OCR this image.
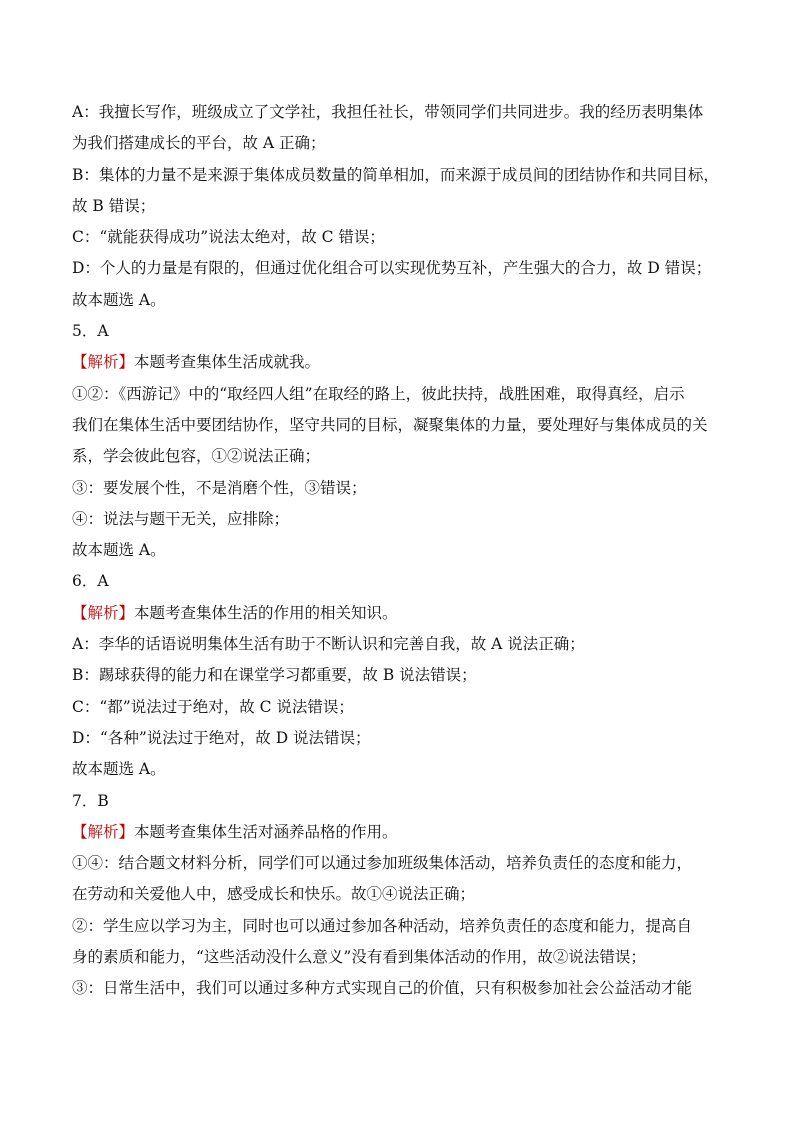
A：我擅长写作，班级成立了文学社，我担任社长，带领同学们共同进步。我的经历表明集体
为我们搭建成长的平台，故 A 正确；
B：集体的力量不是来源于集体成员数量的简单相加，而来源于成员间的团结协作和共同目标，
故 B 错误；
C：“就能获得成功”说法太绝对，故 C 错误；
D：个人的力量是有限的，但通过优化组合可以实现优势互补，产生强大的合力，故 D 错误；
故本题选 A。
5．A
【解析】本题考查集体生活成就我。
①②：《西游记》中的“取经四人组”在取经的路上，彼此扶持，战胜困难，取得真经，启示
我们在集体生活中要团结协作，坚守共同的目标，凝聚集体的力量，要处理好与集体成员的关
系，学会彼此包容，①②说法正确；
③：要发展个性，不是消磨个性，③错误；
④：说法与题干无关，应排除；
故本题选 A。
6．A
【解析】本题考查集体生活的作用的相关知识。
A：李华的话语说明集体生活有助于不断认识和完善自我，故 A 说法正确；
B：踢球获得的能力和在课堂学习都重要，故 B 说法错误；
C：“都”说法过于绝对，故 C 说法错误；
D：“各种”说法过于绝对，故 D 说法错误；
故本题选 A。
7．B
【解析】本题考查集体生活对涵养品格的作用。
①④：结合题文材料分析，同学们可以通过参加班级集体活动，培养负责任的态度和能力，
在劳动和关爱他人中，感受成长和快乐。故①④说法正确；
②：学生应以学习为主，同时也可以通过参加各种活动，培养负责任的态度和能力，提高自
身的素质和能力，“这些活动没什么意义”没有看到集体活动的作用，故②说法错误；
③：日常生活中，我们可以通过多种方式实现自己的价值，只有积极参加社会公益活动才能
